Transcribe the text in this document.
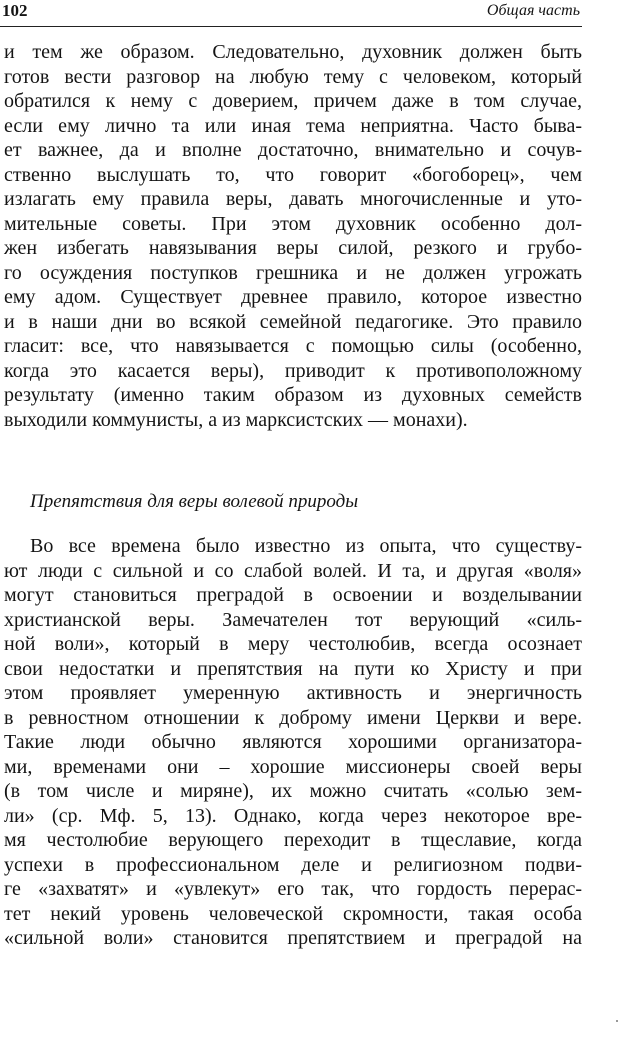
102	Общая часть
и тем же образом. Следовательно, духовник должен быть
готов вести разговор на любую тему с человеком, который
обратился к нему с доверием, причем даже в том случае,
если ему лично та или иная тема неприятна. Часто быва-
ет важнее, да и вполне достаточно, внимательно и сочув-
ственно выслушать то, что говорит «богоборец», чем
излагать ему правила веры, давать многочисленные и уто-
мительные советы. При этом духовник особенно дол-
жен избегать навязывания веры силой, резкого и грубо-
го осуждения поступков грешника и не должен угрожать
ему адом. Существует древнее правило, которое известно
и в наши дни во всякой семейной педагогике. Это правило
гласит: все, что навязывается с помощью силы (особенно,
когда это касается веры), приводит к противоположному
результату (именно таким образом из духовных семейств
выходили коммунисты, а из марксистских — монахи).
Препятствия для веры волевой природы
Во все времена было известно из опыта, что существу-
ют люди с сильной и со слабой волей. И та, и другая «воля»
могут становиться преградой в освоении и возделывании
христианской веры. Замечателен тот верующий «силь-
ной воли», который в меру честолюбив, всегда осознает
свои недостатки и препятствия на пути ко Христу и при
этом проявляет умеренную активность и энергичность
в ревностном отношении к доброму имени Церкви и вере.
Такие люди обычно являются хорошими организатора-
ми, временами они – хорошие миссионеры своей веры
(в том числе и миряне), их можно считать «солью зем-
ли» (ср. Мф. 5, 13). Однако, когда через некоторое вре-
мя честолюбие верующего переходит в тщеславие, когда
успехи в профессиональном деле и религиозном подви-
ге «захватят» и «увлекут» его так, что гордость перерас-
тет некий уровень человеческой скромности, такая особа
«сильной воли» становится препятствием и преградой на
